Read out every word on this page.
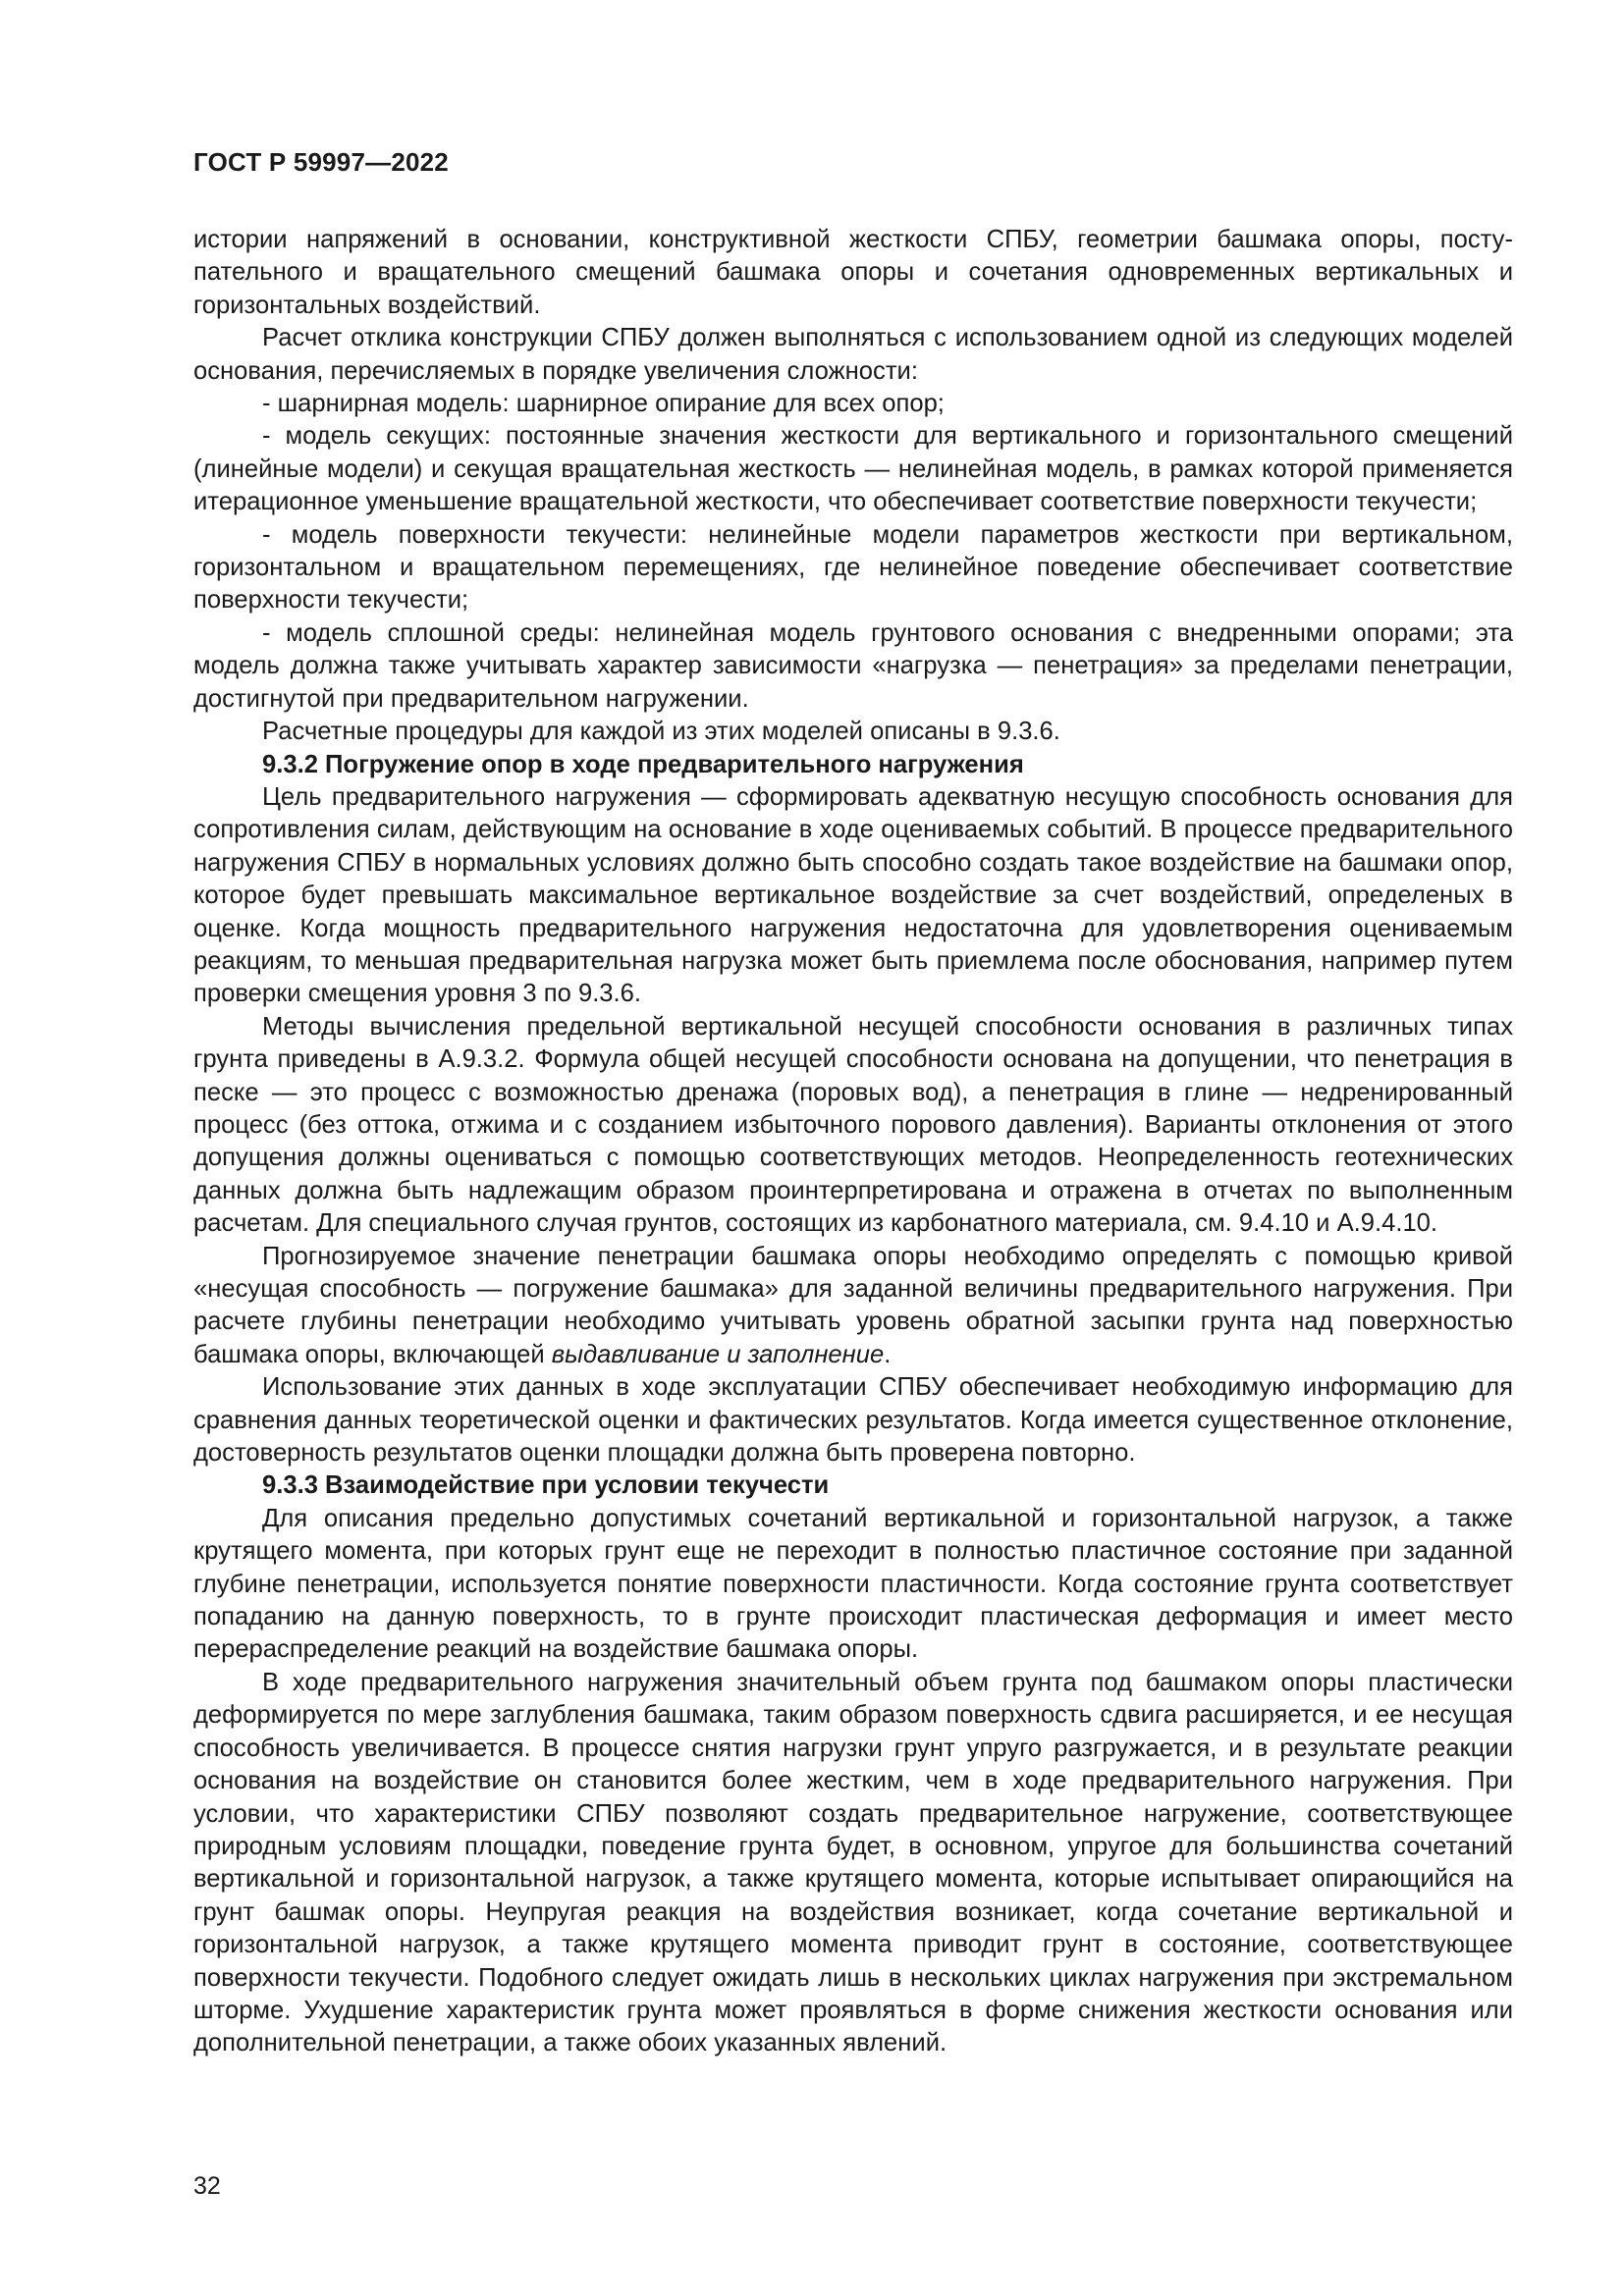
ГОСТ Р 59997—2022

истории напряжений в основании, конструктивной жесткости СПБУ, геометрии башмака опоры, поступательного и вращательного смещений башмака опоры и сочетания одновременных вертикальных и горизонтальных воздействий.

Расчет отклика конструкции СПБУ должен выполняться с использованием одной из следующих моделей основания, перечисляемых в порядке увеличения сложности:

- шарнирная модель: шарнирное опирание для всех опор;

- модель секущих: постоянные значения жесткости для вертикального и горизонтального смещений (линейные модели) и секущая вращательная жесткость — нелинейная модель, в рамках которой применяется итерационное уменьшение вращательной жесткости, что обеспечивает соответствие поверхности текучести;

- модель поверхности текучести: нелинейные модели параметров жесткости при вертикальном, горизонтальном и вращательном перемещениях, где нелинейное поведение обеспечивает соответствие поверхности текучести;

- модель сплошной среды: нелинейная модель грунтового основания с внедренными опорами; эта модель должна также учитывать характер зависимости «нагрузка — пенетрация» за пределами пенетрации, достигнутой при предварительном нагружении.

Расчетные процедуры для каждой из этих моделей описаны в 9.3.6.

9.3.2 Погружение опор в ходе предварительного нагружения

Цель предварительного нагружения — сформировать адекватную несущую способность основания для сопротивления силам, действующим на основание в ходе оцениваемых событий. В процессе предварительного нагружения СПБУ в нормальных условиях должно быть способно создать такое воздействие на башмаки опор, которое будет превышать максимальное вертикальное воздействие за счет воздействий, определеных в оценке. Когда мощность предварительного нагружения недостаточна для удовлетворения оцениваемым реакциям, то меньшая предварительная нагрузка может быть приемлема после обоснования, например путем проверки смещения уровня 3 по 9.3.6.

Методы вычисления предельной вертикальной несущей способности основания в различных типах грунта приведены в А.9.3.2. Формула общей несущей способности основана на допущении, что пенетрация в песке — это процесс с возможностью дренажа (поровых вод), а пенетрация в глине — недренированный процесс (без оттока, отжима и с созданием избыточного порового давления). Варианты отклонения от этого допущения должны оцениваться с помощью соответствующих методов. Неопределенность геотехнических данных должна быть надлежащим образом проинтерпретирована и отражена в отчетах по выполненным расчетам. Для специального случая грунтов, состоящих из карбонатного материала, см. 9.4.10 и А.9.4.10.

Прогнозируемое значение пенетрации башмака опоры необходимо определять с помощью кривой «несущая способность — погружение башмака» для заданной величины предварительного нагружения. При расчете глубины пенетрации необходимо учитывать уровень обратной засыпки грунта над поверхностью башмака опоры, включающей выдавливание и заполнение.

Использование этих данных в ходе эксплуатации СПБУ обеспечивает необходимую информацию для сравнения данных теоретической оценки и фактических результатов. Когда имеется существенное отклонение, достоверность результатов оценки площадки должна быть проверена повторно.

9.3.3 Взаимодействие при условии текучести

Для описания предельно допустимых сочетаний вертикальной и горизонтальной нагрузок, а также крутящего момента, при которых грунт еще не переходит в полностью пластичное состояние при заданной глубине пенетрации, используется понятие поверхности пластичности. Когда состояние грунта соответствует попаданию на данную поверхность, то в грунте происходит пластическая деформация и имеет место перераспределение реакций на воздействие башмака опоры.

В ходе предварительного нагружения значительный объем грунта под башмаком опоры пластически деформируется по мере заглубления башмака, таким образом поверхность сдвига расширяется, и ее несущая способность увеличивается. В процессе снятия нагрузки грунт упруго разгружается, и в результате реакции основания на воздействие он становится более жестким, чем в ходе предварительного нагружения. При условии, что характеристики СПБУ позволяют создать предварительное нагружение, соответствующее природным условиям площадки, поведение грунта будет, в основном, упругое для большинства сочетаний вертикальной и горизонтальной нагрузок, а также крутящего момента, которые испытывает опирающийся на грунт башмак опоры. Неупругая реакция на воздействия возникает, когда сочетание вертикальной и горизонтальной нагрузок, а также крутящего момента приводит грунт в состояние, соответствующее поверхности текучести. Подобного следует ожидать лишь в нескольких циклах нагружения при экстремальном шторме. Ухудшение характеристик грунта может проявляться в форме снижения жесткости основания или дополнительной пенетрации, а также обоих указанных явлений.

32
